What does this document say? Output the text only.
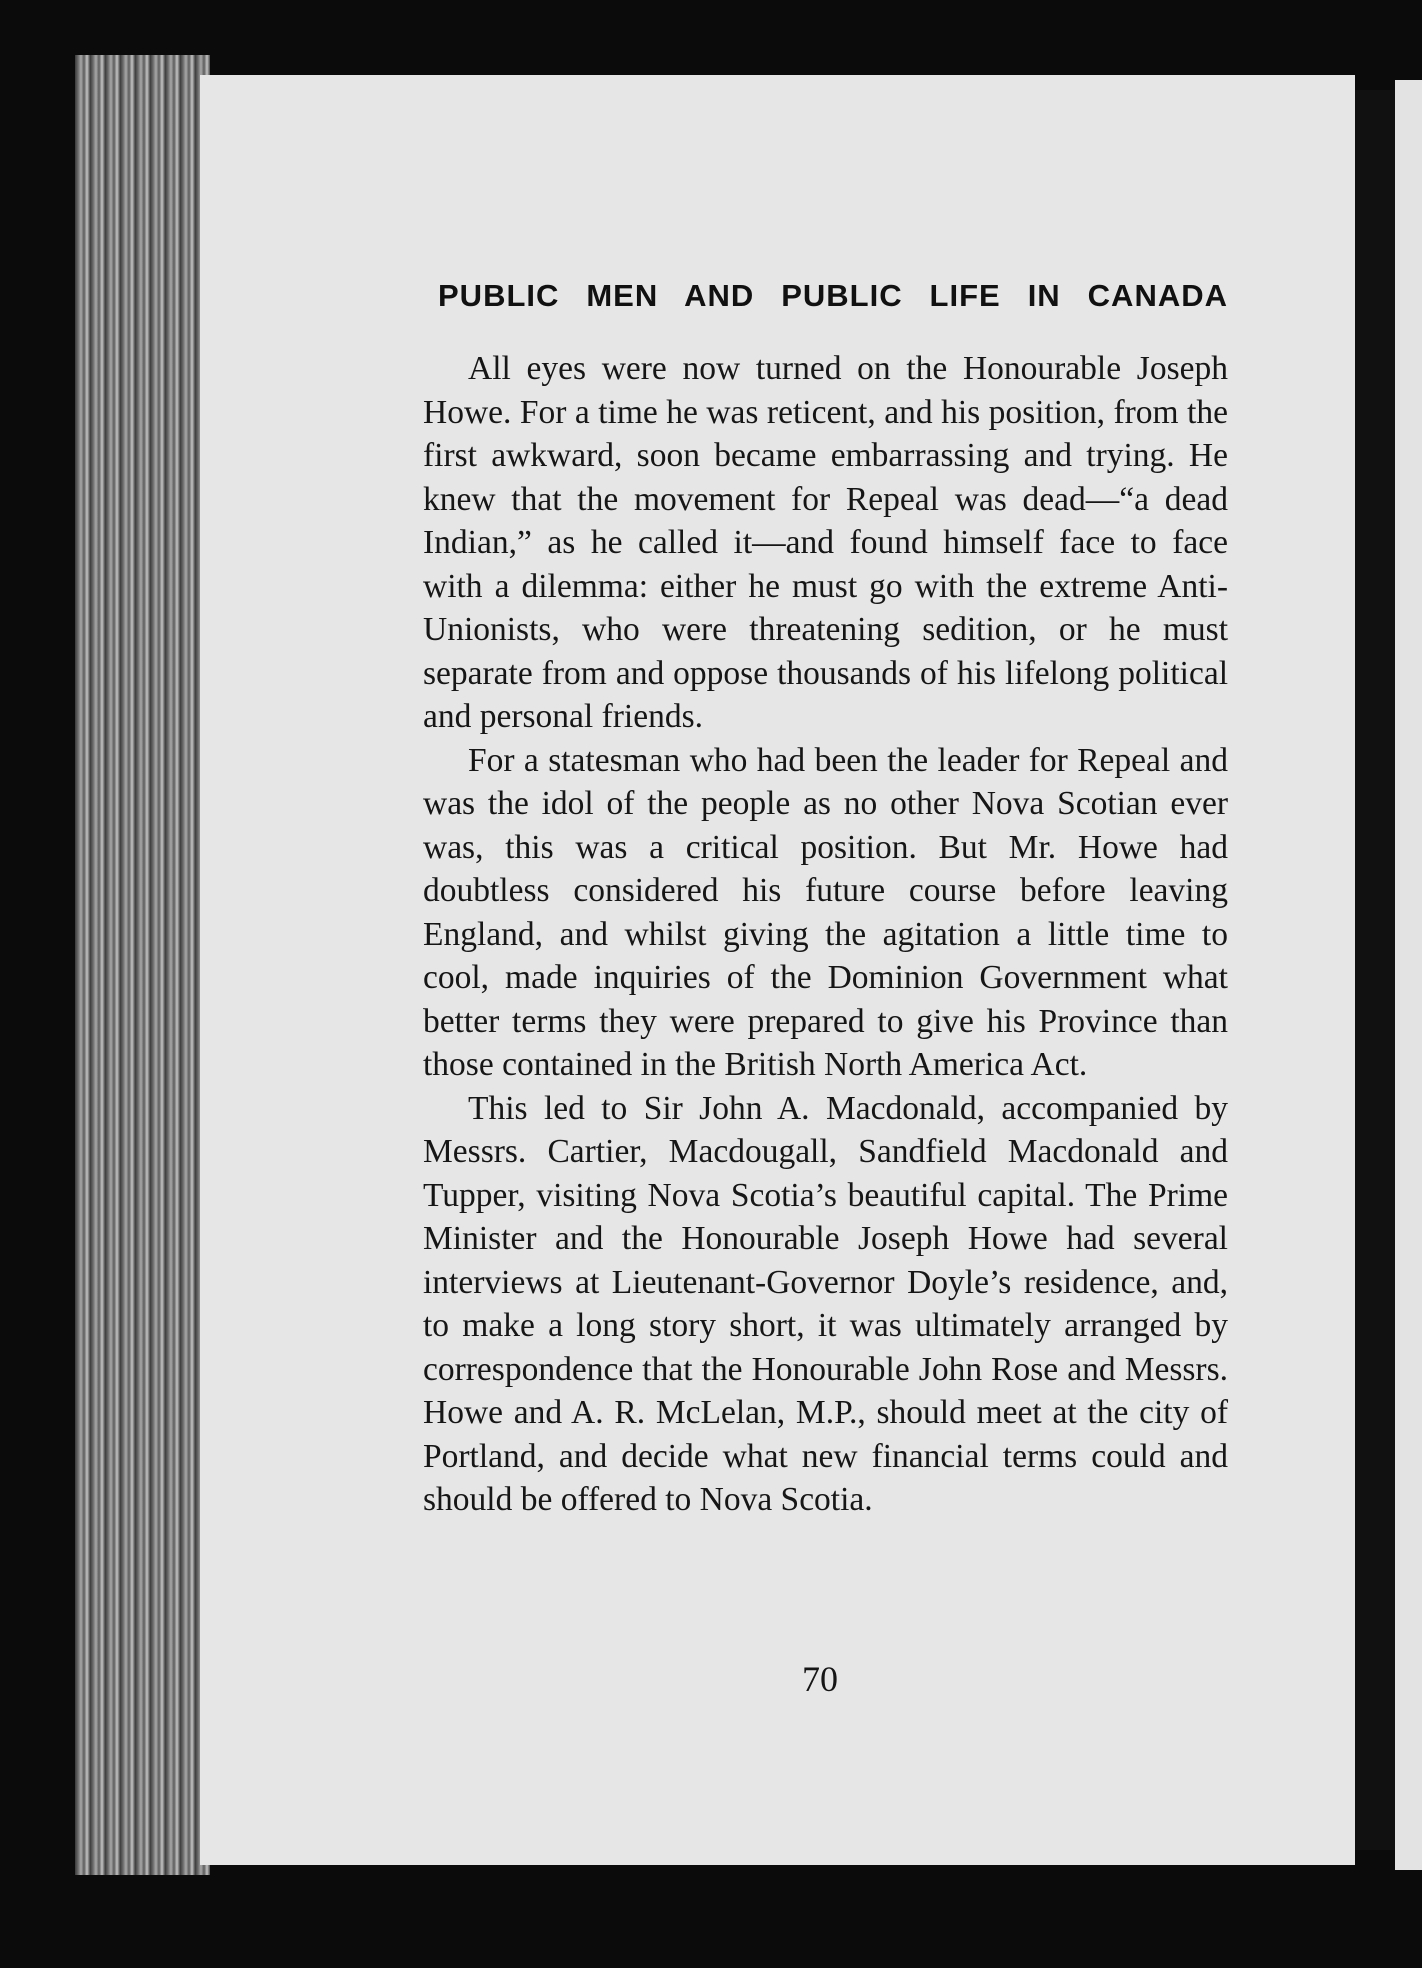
PUBLIC MEN AND PUBLIC LIFE IN CANADA

All eyes were now turned on the Honourable Joseph Howe. For a time he was reticent, and his position, from the first awkward, soon became embarrassing and trying. He knew that the movement for Repeal was dead—“a dead Indian,” as he called it—and found himself face to face with a dilemma: either he must go with the extreme Anti-Unionists, who were threatening sedition, or he must separate from and oppose thousands of his lifelong political and personal friends.

For a statesman who had been the leader for Repeal and was the idol of the people as no other Nova Scotian ever was, this was a critical position. But Mr. Howe had doubtless considered his future course before leaving England, and whilst giving the agitation a little time to cool, made inquiries of the Dominion Government what better terms they were prepared to give his Province than those contained in the British North America Act.

This led to Sir John A. Macdonald, accompanied by Messrs. Cartier, Macdougall, Sandfield Macdonald and Tupper, visiting Nova Scotia’s beautiful capital. The Prime Minister and the Honourable Joseph Howe had several interviews at Lieutenant-Governor Doyle’s residence, and, to make a long story short, it was ultimately arranged by correspondence that the Honourable John Rose and Messrs. Howe and A. R. McLelan, M.P., should meet at the city of Portland, and decide what new financial terms could and should be offered to Nova Scotia.

70
